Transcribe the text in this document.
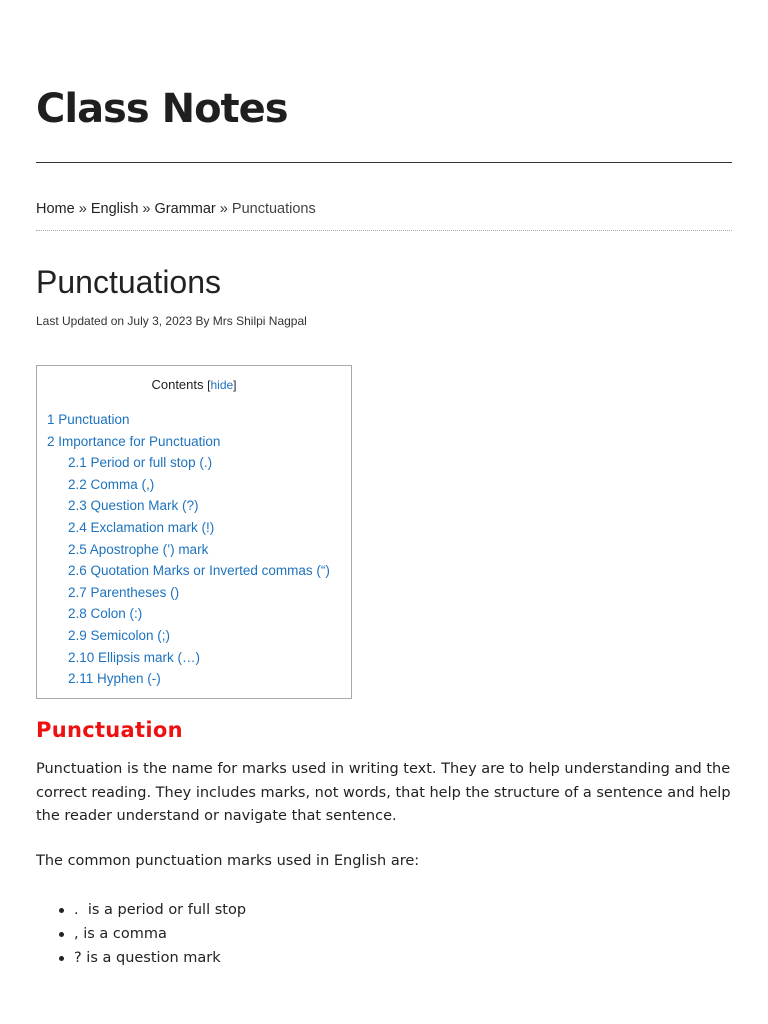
Class Notes
Home » English » Grammar » Punctuations
Punctuations
Last Updated on July 3, 2023 By Mrs Shilpi Nagpal
Contents [hide]
1 Punctuation
2 Importance for Punctuation
2.1 Period or full stop (.)
2.2 Comma (,)
2.3 Question Mark (?)
2.4 Exclamation mark (!)
2.5 Apostrophe (’) mark
2.6 Quotation Marks or Inverted commas (“)
2.7 Parentheses ()
2.8 Colon (:)
2.9 Semicolon (;)
2.10 Ellipsis mark (…)
2.11 Hyphen (-)
Punctuation

Punctuation is the name for marks used in writing text. They are to help understanding and the correct reading. They includes marks, not words, that help the structure of a sentence and help the reader understand or navigate that sentence.

The common punctuation marks used in English are:

.  is a period or full stop
, is a comma
? is a question mark
